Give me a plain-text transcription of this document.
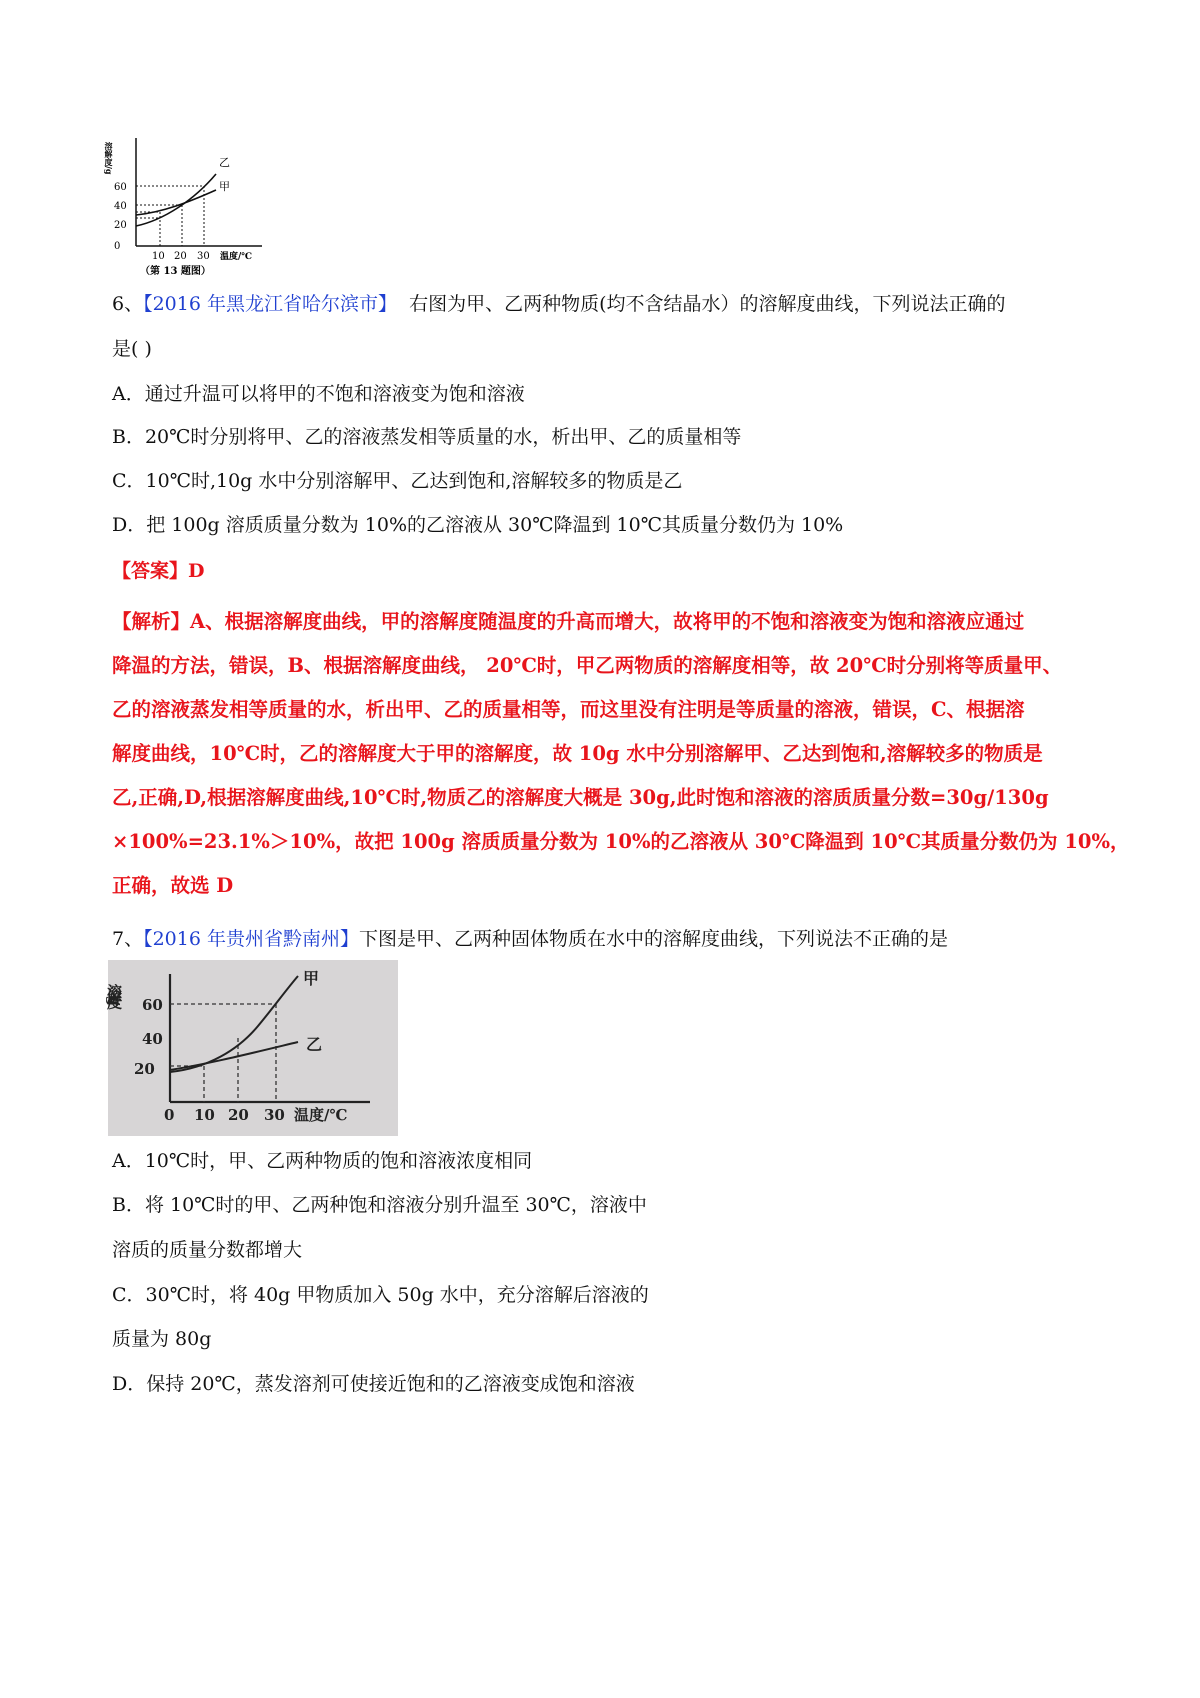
乙
甲
溶解度/g
0
20
40
60
10 20 30 温度/℃
（第 13 题图）
6、【2016 年黑龙江省哈尔滨市】 右图为甲、乙两种物质(均不含结晶水）的溶解度曲线，下列说法正确的
是( )
A．通过升温可以将甲的不饱和溶液变为饱和溶液
B．20℃时分别将甲、乙的溶液蒸发相等质量的水，析出甲、乙的质量相等
C．10℃时,10g 水中分别溶解甲、乙达到饱和,溶解较多的物质是乙
D．把 100g 溶质质量分数为 10%的乙溶液从 30℃降温到 10℃其质量分数仍为 10%
【答案】D
【解析】A、根据溶解度曲线，甲的溶解度随温度的升高而增大，故将甲的不饱和溶液变为饱和溶液应通过
降温的方法，错误，B、根据溶解度曲线， 20℃时，甲乙两物质的溶解度相等，故 20℃时分别将等质量甲、
乙的溶液蒸发相等质量的水，析出甲、乙的质量相等，而这里没有注明是等质量的溶液，错误，C、根据溶
解度曲线，10℃时，乙的溶解度大于甲的溶解度，故 10g 水中分别溶解甲、乙达到饱和,溶解较多的物质是
乙,正确,D,根据溶解度曲线,10℃时,物质乙的溶解度大概是 30g,此时饱和溶液的溶质质量分数=30g/130g
×100%=23.1%＞10%，故把 100g 溶质质量分数为 10%的乙溶液从 30℃降温到 10℃其质量分数仍为 10%，
正确，故选 D
7、【2016 年贵州省黔南州】下图是甲、乙两种固体物质在水中的溶解度曲线，下列说法不正确的是
甲
乙
溶解度/g 60
40
20
0 10 20 30 温度/℃
A．10℃时，甲、乙两种物质的饱和溶液浓度相同
B．将 10℃时的甲、乙两种饱和溶液分别升温至 30℃，溶液中
溶质的质量分数都增大
C．30℃时，将 40g 甲物质加入 50g 水中，充分溶解后溶液的
质量为 80g
D．保持 20℃，蒸发溶剂可使接近饱和的乙溶液变成饱和溶液
